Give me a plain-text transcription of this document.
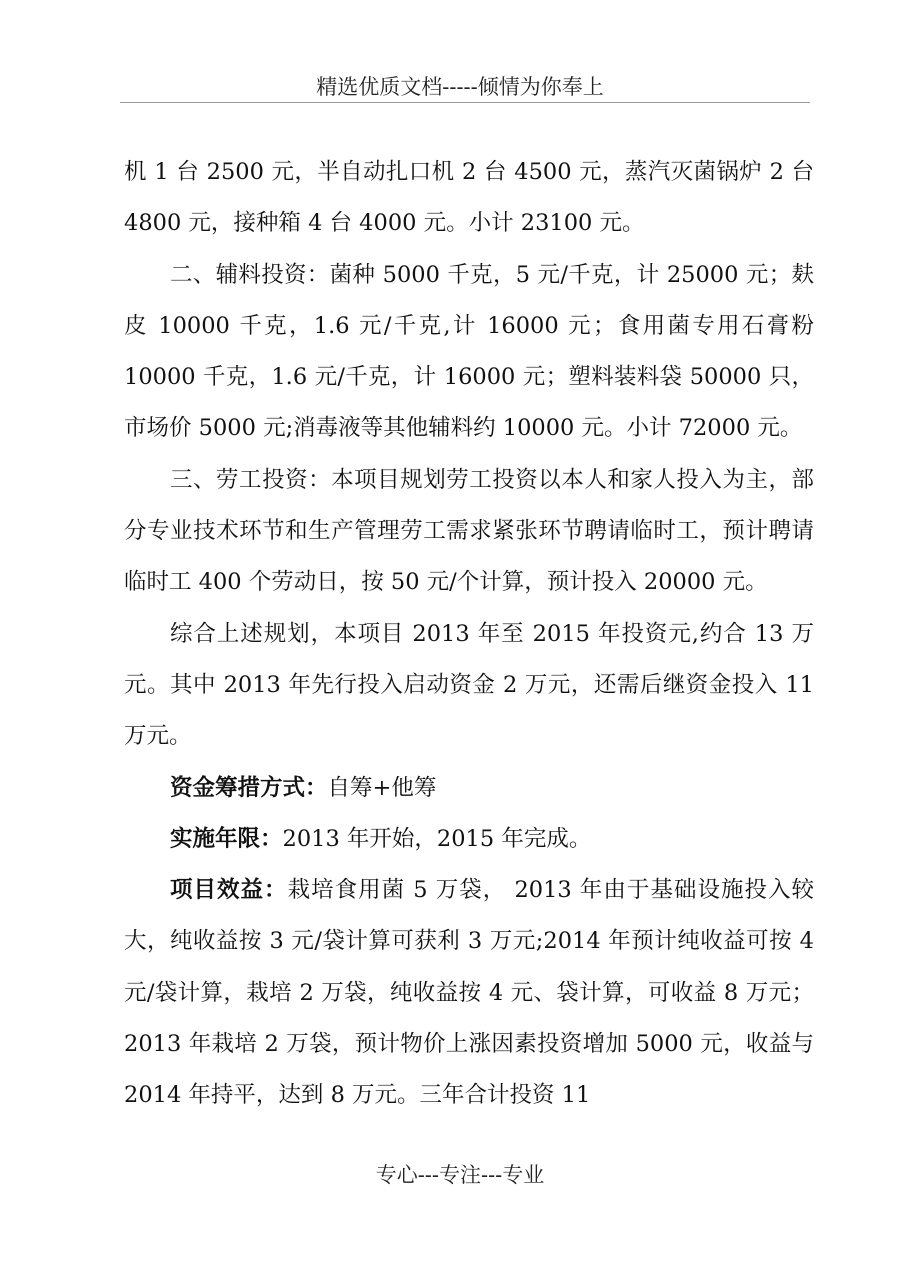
精选优质文档-----倾情为你奉上

机 1 台 2500 元，半自动扎口机 2 台 4500 元，蒸汽灭菌锅炉 2 台 4800 元，接种箱 4 台 4000 元。小计 23100 元。

二、辅料投资：菌种 5000 千克，5 元/千克，计 25000 元；麸皮 10000 千克，1.6 元/千克,计 16000 元；食用菌专用石膏粉 10000 千克，1.6 元/千克，计 16000 元；塑料装料袋 50000 只，市场价 5000 元;消毒液等其他辅料约 10000 元。小计 72000 元。

三、劳工投资：本项目规划劳工投资以本人和家人投入为主，部分专业技术环节和生产管理劳工需求紧张环节聘请临时工，预计聘请临时工 400 个劳动日，按 50 元/个计算，预计投入 20000 元。

综合上述规划，本项目 2013 年至 2015 年投资元,约合 13 万元。其中 2013 年先行投入启动资金 2 万元，还需后继资金投入 11 万元。

资金筹措方式：自筹+他筹

实施年限：2013 年开始，2015 年完成。

项目效益：栽培食用菌 5 万袋， 2013 年由于基础设施投入较大，纯收益按 3 元/袋计算可获利 3 万元;2014 年预计纯收益可按 4 元/袋计算，栽培 2 万袋，纯收益按 4 元、袋计算，可收益 8 万元；2013 年栽培 2 万袋，预计物价上涨因素投资增加 5000 元，收益与 2014 年持平，达到 8 万元。三年合计投资 11

专心---专注---专业
